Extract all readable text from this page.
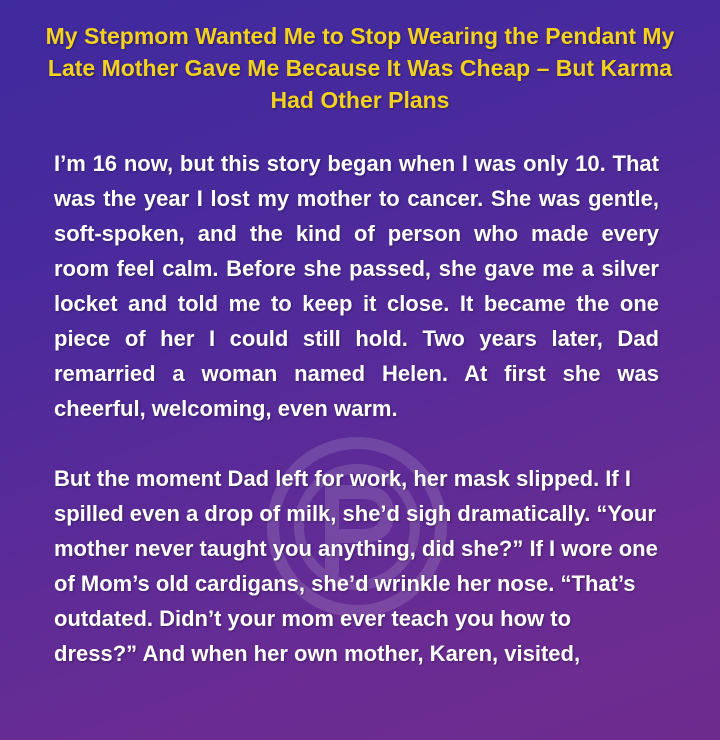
My Stepmom Wanted Me to Stop Wearing the Pendant My Late Mother Gave Me Because It Was Cheap – But Karma Had Other Plans

I’m 16 now, but this story began when I was only 10. That was the year I lost my mother to cancer. She was gentle, soft-spoken, and the kind of person who made every room feel calm. Before she passed, she gave me a silver locket and told me to keep it close. It became the one piece of her I could still hold. Two years later, Dad remarried a woman named Helen. At first she was cheerful, welcoming, even warm.

But the moment Dad left for work, her mask slipped. If I spilled even a drop of milk, she’d sigh dramatically. “Your mother never taught you anything, did she?” If I wore one of Mom’s old cardigans, she’d wrinkle her nose. “That’s outdated. Didn’t your mom ever teach you how to dress?” And when her own mother, Karen, visited,
